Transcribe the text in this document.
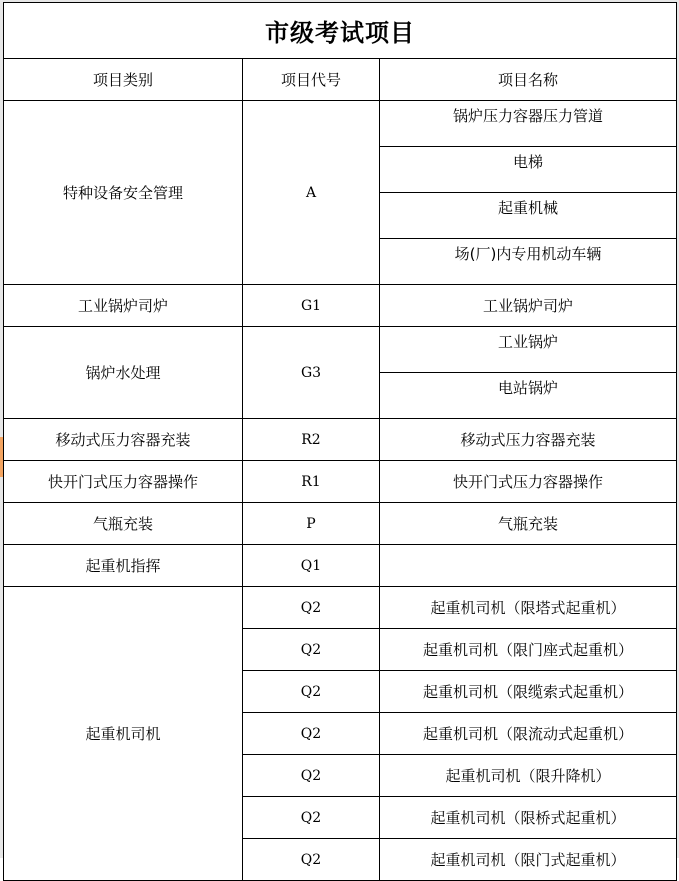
市级考试项目		
项目类别	项目代号	项目名称
特种设备安全管理	A	锅炉压力容器压力管道
		电梯
		起重机械
		场(厂)内专用机动车辆
工业锅炉司炉	G1	工业锅炉司炉
锅炉水处理	G3	工业锅炉
		电站锅炉
移动式压力容器充装	R2	移动式压力容器充装
快开门式压力容器操作	R1	快开门式压力容器操作
气瓶充装	P	气瓶充装
起重机指挥	Q1	
起重机司机	Q2	起重机司机（限塔式起重机）
	Q2	起重机司机（限门座式起重机）
	Q2	起重机司机（限缆索式起重机）
	Q2	起重机司机（限流动式起重机）
	Q2	起重机司机（限升降机）
	Q2	起重机司机（限桥式起重机）
	Q2	起重机司机（限门式起重机）
